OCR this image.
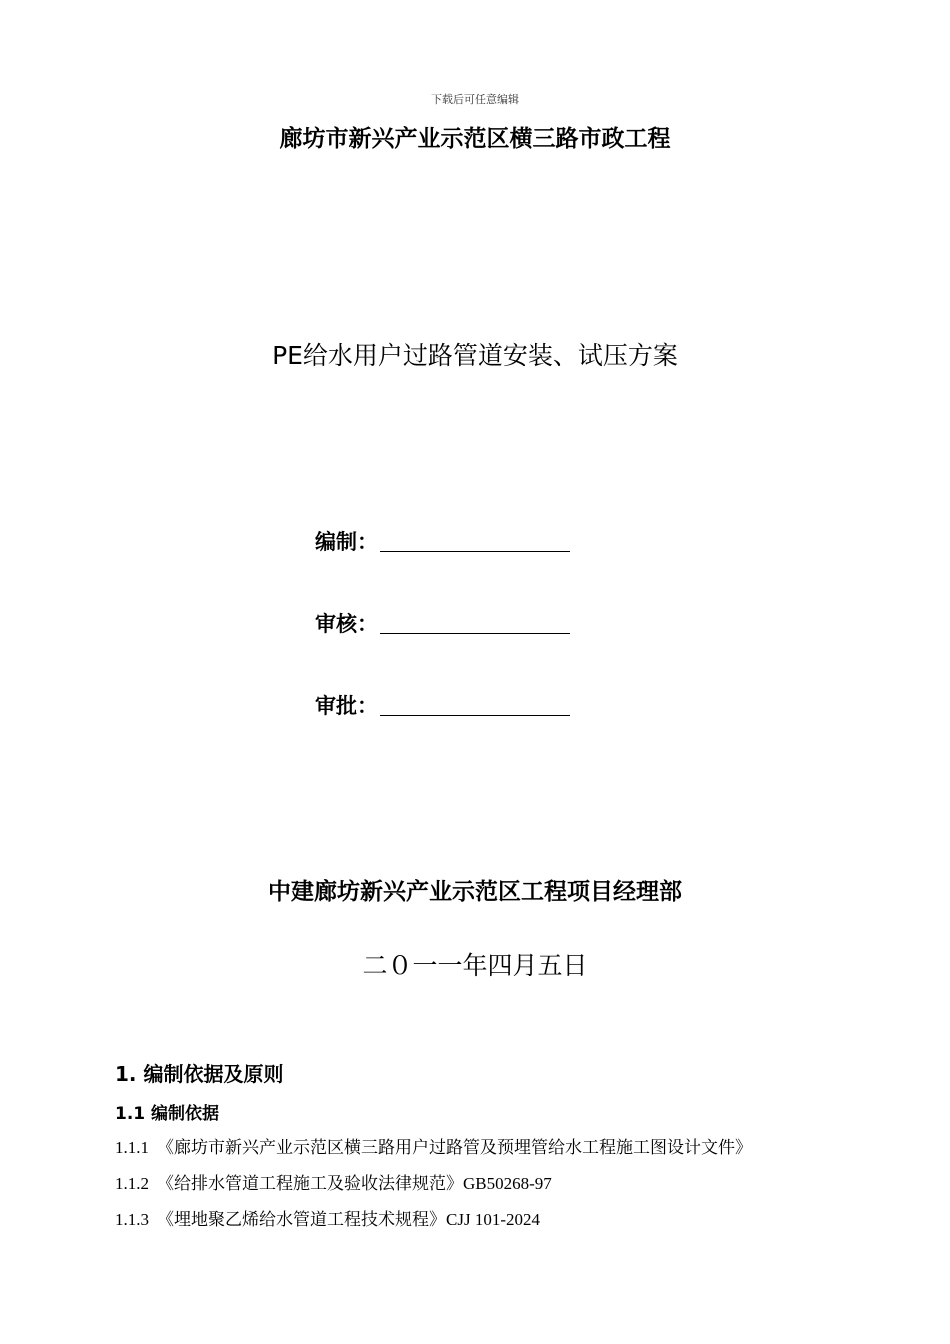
下载后可任意编辑
廊坊市新兴产业示范区横三路市政工程
PE给水用户过路管道安装、试压方案
编制：
审核：
审批：
中建廊坊新兴产业示范区工程项目经理部
二０一一年四月五日
1. 编制依据及原则
1.1 编制依据
1.1.1 《廊坊市新兴产业示范区横三路用户过路管及预埋管给水工程施工图设计文件》
1.1.2 《给排水管道工程施工及验收法律规范》GB50268-97
1.1.3 《埋地聚乙烯给水管道工程技术规程》CJJ 101-2024
